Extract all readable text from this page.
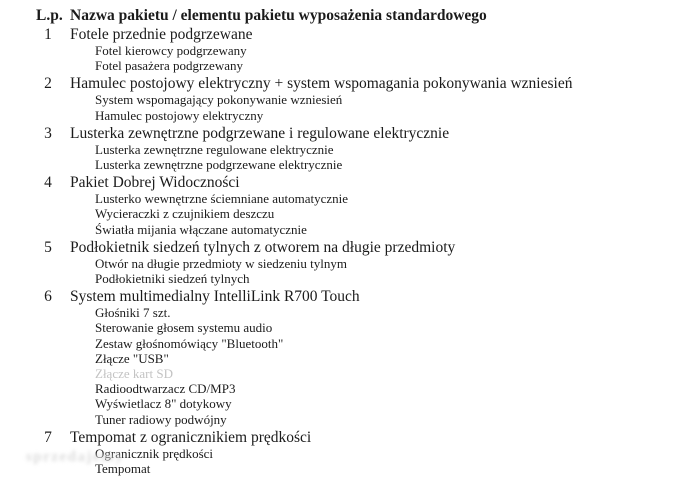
L.p. Nazwa pakietu / elementu pakietu wyposażenia standardowego
1	Fotele przednie podgrzewane
Fotel kierowcy podgrzewany
Fotel pasażera podgrzewany
2	Hamulec postojowy elektryczny + system wspomagania pokonywania wzniesień
System wspomagający pokonywanie wzniesień
Hamulec postojowy elektryczny
3	Lusterka zewnętrzne podgrzewane i regulowane elektrycznie
Lusterka zewnętrzne regulowane elektrycznie
Lusterka zewnętrzne podgrzewane elektrycznie
4	Pakiet Dobrej Widoczności
Lusterko wewnętrzne ściemniane automatycznie
Wycieraczki z czujnikiem deszczu
Światła mijania włączane automatycznie
5	Podłokietnik siedzeń tylnych z otworem na długie przedmioty
Otwór na długie przedmioty w siedzeniu tylnym
Podłokietniki siedzeń tylnych
6	System multimedialny IntelliLink R700 Touch
Głośniki 7 szt.
Sterowanie głosem systemu audio
Zestaw głośnomówiący "Bluetooth"
Złącze "USB"
Złącze kart SD
Radioodtwarzacz CD/MP3
Wyświetlacz 8" dotykowy
Tuner radiowy podwójny
7	Tempomat z ogranicznikiem prędkości
Ogranicznik prędkości
Tempomat
sprzedajemy
